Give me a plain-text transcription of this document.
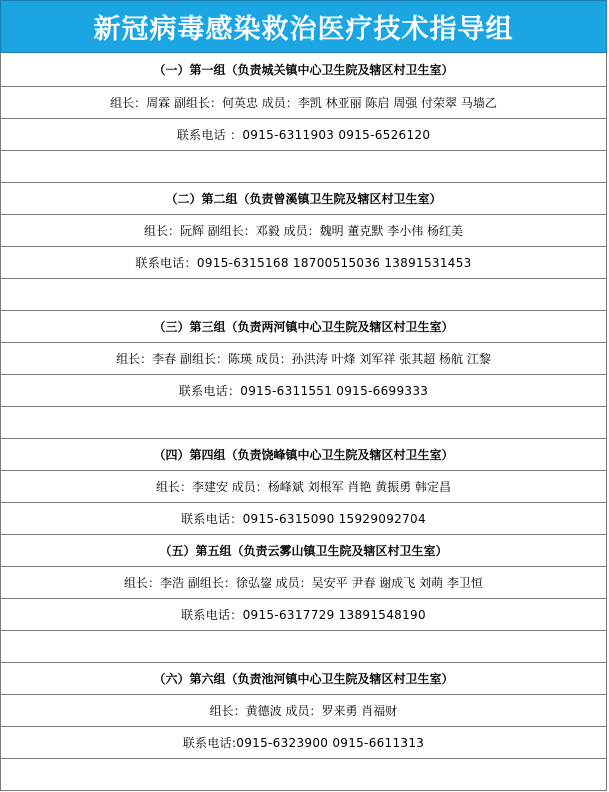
新冠病毒感染救治医疗技术指导组
（一）第一组（负责城关镇中心卫生院及辖区村卫生室）
组长：周霖 副组长：何英忠 成员：李凯 林亚丽 陈启 周强 付荣翠 马墙乙
联系电话 ：0915-6311903 0915-6526120
（二）第二组（负责曾溪镇卫生院及辖区村卫生室）
组长：阮辉 副组长：邓毅 成员：魏明 董克默 李小伟 杨红美
联系电话：0915-6315168 18700515036 13891531453
（三）第三组（负责两河镇中心卫生院及辖区村卫生室）
组长：李春 副组长：陈瑛 成员：孙洪涛 叶烽 刘军祥 张其超 杨航 江黎
联系电话：0915-6311551 0915-6699333
（四）第四组（负责饶峰镇中心卫生院及辖区村卫生室）
组长：李建安 成员：杨峰斌 刘根军 肖艳 黄振勇 韩定昌
联系电话：0915-6315090 15929092704
（五）第五组（负责云雾山镇卫生院及辖区村卫生室）
组长：李浩 副组长：徐弘鋆 成员：吴安平 尹春 谢成飞 刘萌 李卫恒
联系电话：0915-6317729 13891548190
（六）第六组（负责池河镇中心卫生院及辖区村卫生室）
组长：黄德波 成员：罗来勇 肖福财
联系电话:0915-6323900 0915-6611313
